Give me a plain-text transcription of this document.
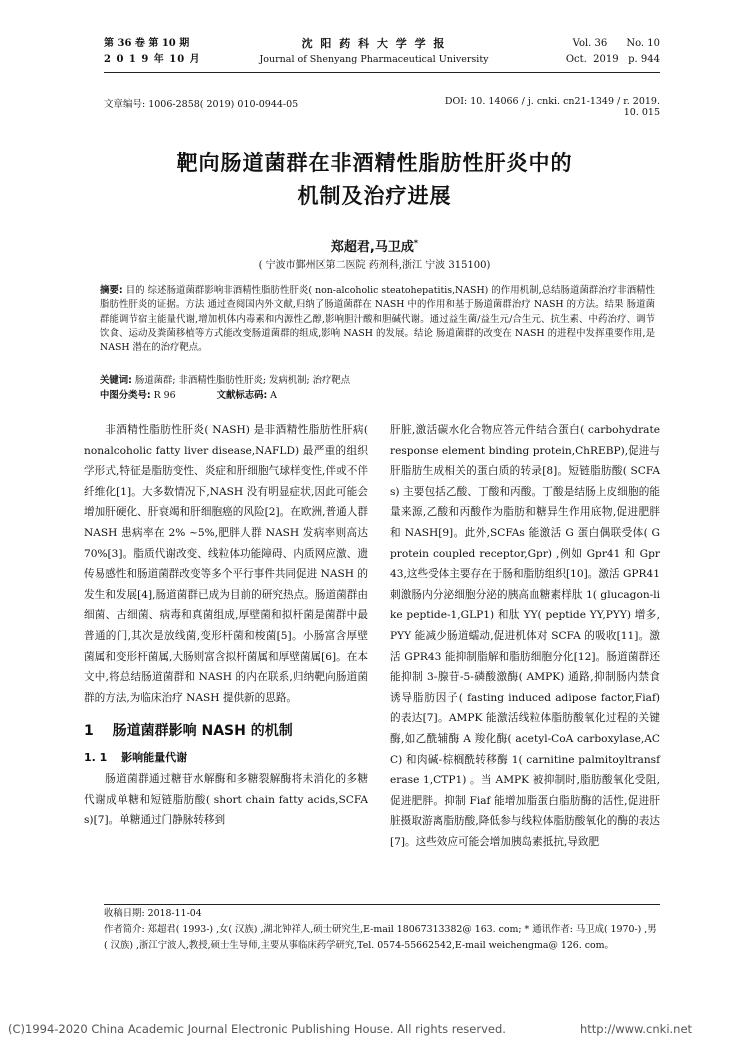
第 36 卷 第 10 期
2 0 1 9 年 10 月
沈 阳 药 科 大 学 学 报
Journal of Shenyang Pharmaceutical University
Vol. 36      No. 10
Oct.  2019   p. 944
文章编号: 1006-2858( 2019) 010-0944-05	DOI: 10. 14066 / j. cnki. cn21-1349 / r. 2019. 10. 015
靶向肠道菌群在非酒精性脂肪性肝炎中的
机制及治疗进展
郑超君,马卫成*
( 宁波市鄞州区第二医院 药剂科,浙江 宁波 315100)
摘要: 目的 综述肠道菌群影响非酒精性脂肪性肝炎( non-alcoholic steatohepatitis,NASH) 的作用机制,总结肠道菌群治疗非酒精性脂肪性肝炎的证据。方法 通过查阅国内外文献,归纳了肠道菌群在 NASH 中的作用和基于肠道菌群治疗 NASH 的方法。结果 肠道菌群能调节宿主能量代谢,增加机体内毒素和内源性乙醇,影响胆汁酸和胆碱代谢。通过益生菌/益生元/合生元、抗生素、中药治疗、调节饮食、运动及粪菌移植等方式能改变肠道菌群的组成,影响 NASH 的发展。结论 肠道菌群的改变在 NASH 的进程中发挥重要作用,是 NASH 潜在的治疗靶点。
关键词: 肠道菌群; 非酒精性脂肪性肝炎; 发病机制; 治疗靶点
中图分类号: R 96	文献标志码: A

非酒精性脂肪性肝炎( NASH) 是非酒精性脂肪性肝病( nonalcoholic fatty liver disease,NAFLD) 最严重的组织学形式,特征是脂肪变性、炎症和肝细胞气球样变性,伴或不伴纤维化[1]。大多数情况下,NASH 没有明显症状,因此可能会增加肝硬化、肝衰竭和肝细胞癌的风险[2]。在欧洲,普通人群 NASH 患病率在 2% ~5%,肥胖人群 NASH 发病率则高达 70%[3]。脂质代谢改变、线粒体功能障碍、内质网应激、遗传易感性和肠道菌群改变等多个平行事件共同促进 NASH 的发生和发展[4],肠道菌群已成为目前的研究热点。肠道菌群由细菌、古细菌、病毒和真菌组成,厚壁菌和拟杆菌是菌群中最普通的门,其次是放线菌,变形杆菌和梭菌[5]。小肠富含厚壁菌属和变形杆菌属,大肠则富含拟杆菌属和厚壁菌属[6]。在本文中,将总结肠道菌群和 NASH 的内在联系,归纳靶向肠道菌群的方法,为临床治疗 NASH 提供新的思路。

1 肠道菌群影响 NASH 的机制
1. 1 影响能量代谢

肠道菌群通过糖苷水解酶和多糖裂解酶将未消化的多糖代谢成单糖和短链脂肪酸( short chain fatty acids,SCFAs)[7]。单糖通过门静脉转移到

肝脏,激活碳水化合物应答元件结合蛋白( carbohydrate response element binding protein,ChREBP),促进与肝脂肪生成相关的蛋白质的转录[8]。短链脂肪酸( SCFAs) 主要包括乙酸、丁酸和丙酸。丁酸是结肠上皮细胞的能量来源,乙酸和丙酸作为脂肪和糖异生作用底物,促进肥胖和 NASH[9]。此外,SCFAs 能激活 G 蛋白偶联受体( G protein coupled receptor,Gpr) ,例如 Gpr41 和 Gpr43,这些受体主要存在于肠和脂肪组织[10]。激活 GPR41 刺激肠内分泌细胞分泌的胰高血糖素样肽 1( glucagon-like peptide-1,GLP1) 和肽 YY( peptide YY,PYY) 增多,PYY 能减少肠道蠕动,促进机体对 SCFA 的吸收[11]。激活 GPR43 能抑制脂解和脂肪细胞分化[12]。肠道菌群还能抑制 3-腺苷-5-磷酸激酶( AMPK) 通路,抑制肠内禁食诱导脂肪因子( fasting induced adipose factor,Fiaf) 的表达[7]。AMPK 能激活线粒体脂肪酸氧化过程的关键酶,如乙酰辅酶 A 羧化酶( acetyl-CoA carboxylase,ACC) 和肉碱-棕榈酰转移酶 1( carnitine palmitoyltransferase 1,CTP1) 。当 AMPK 被抑制时,脂肪酸氧化受阻,促进肥胖。抑制 Fiaf 能增加脂蛋白脂肪酶的活性,促进肝脏摄取游离脂肪酸,降低参与线粒体脂肪酸氧化的酶的表达[7]。这些效应可能会增加胰岛素抵抗,导致肥

收稿日期: 2018-11-04
作者简介: 郑超君( 1993-) ,女( 汉族) ,湖北钟祥人,硕士研究生,E-mail 18067313382@ 163. com; * 通讯作者: 马卫成( 1970-) ,男( 汉族) ,浙江宁波人,教授,硕士生导师,主要从事临床药学研究,Tel. 0574-55662542,E-mail weichengma@ 126. com。
(C)1994-2020 China Academic Journal Electronic Publishing House. All rights reserved.	http://www.cnki.net
